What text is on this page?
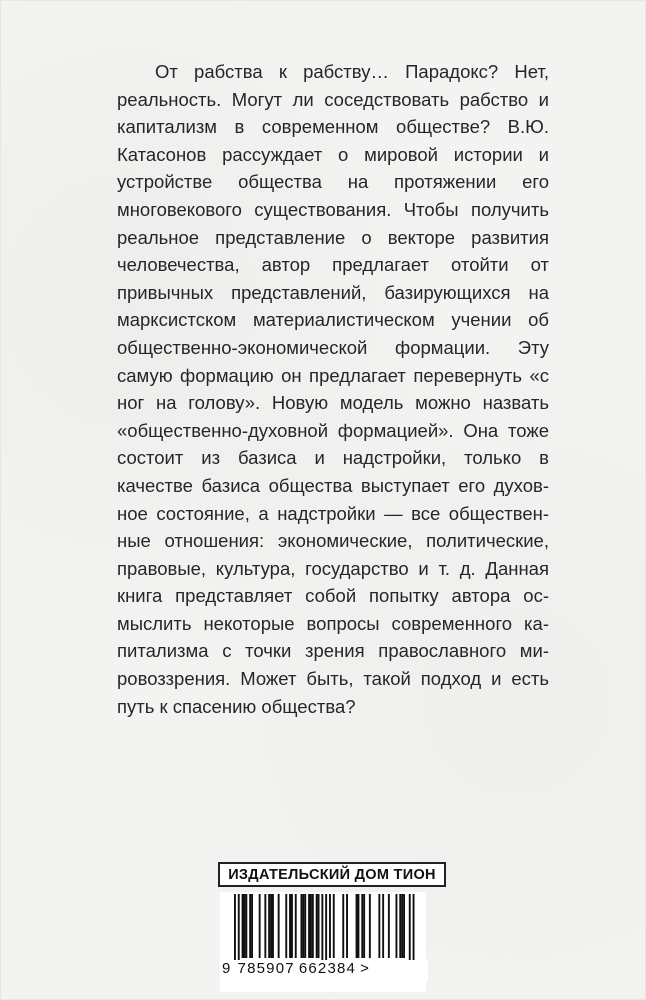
От рабства к рабству… Парадокс? Нет, реальность. Могут ли соседствовать рабство и капитализм в современном обществе? В.Ю. Катасонов рассуждает о мировой истории и устройстве общества на протяжении его многовекового существования. Чтобы получить реальное представление о векторе развития человечества, автор предлагает отойти от привычных представлений, базирующихся на марксистском материалистическом учении об общественно-экономической формации. Эту самую формацию он предлагает перевернуть «с ног на голову». Новую модель можно назвать «общественно-духовной формацией». Она тоже состоит из базиса и надстройки, только в качестве базиса общества выступает его духовное состояние, а надстройки — все общественные отношения: экономические, политические, правовые, культура, государство и т. д. Данная книга представляет собой попытку автора осмыслить некоторые вопросы современного капитализма с точки зрения православного мировоззрения. Может быть, такой подход и есть путь к спасению общества?

ИЗДАТЕЛЬСКИЙ ДОМ ТИОН
9 785907 662384 >
